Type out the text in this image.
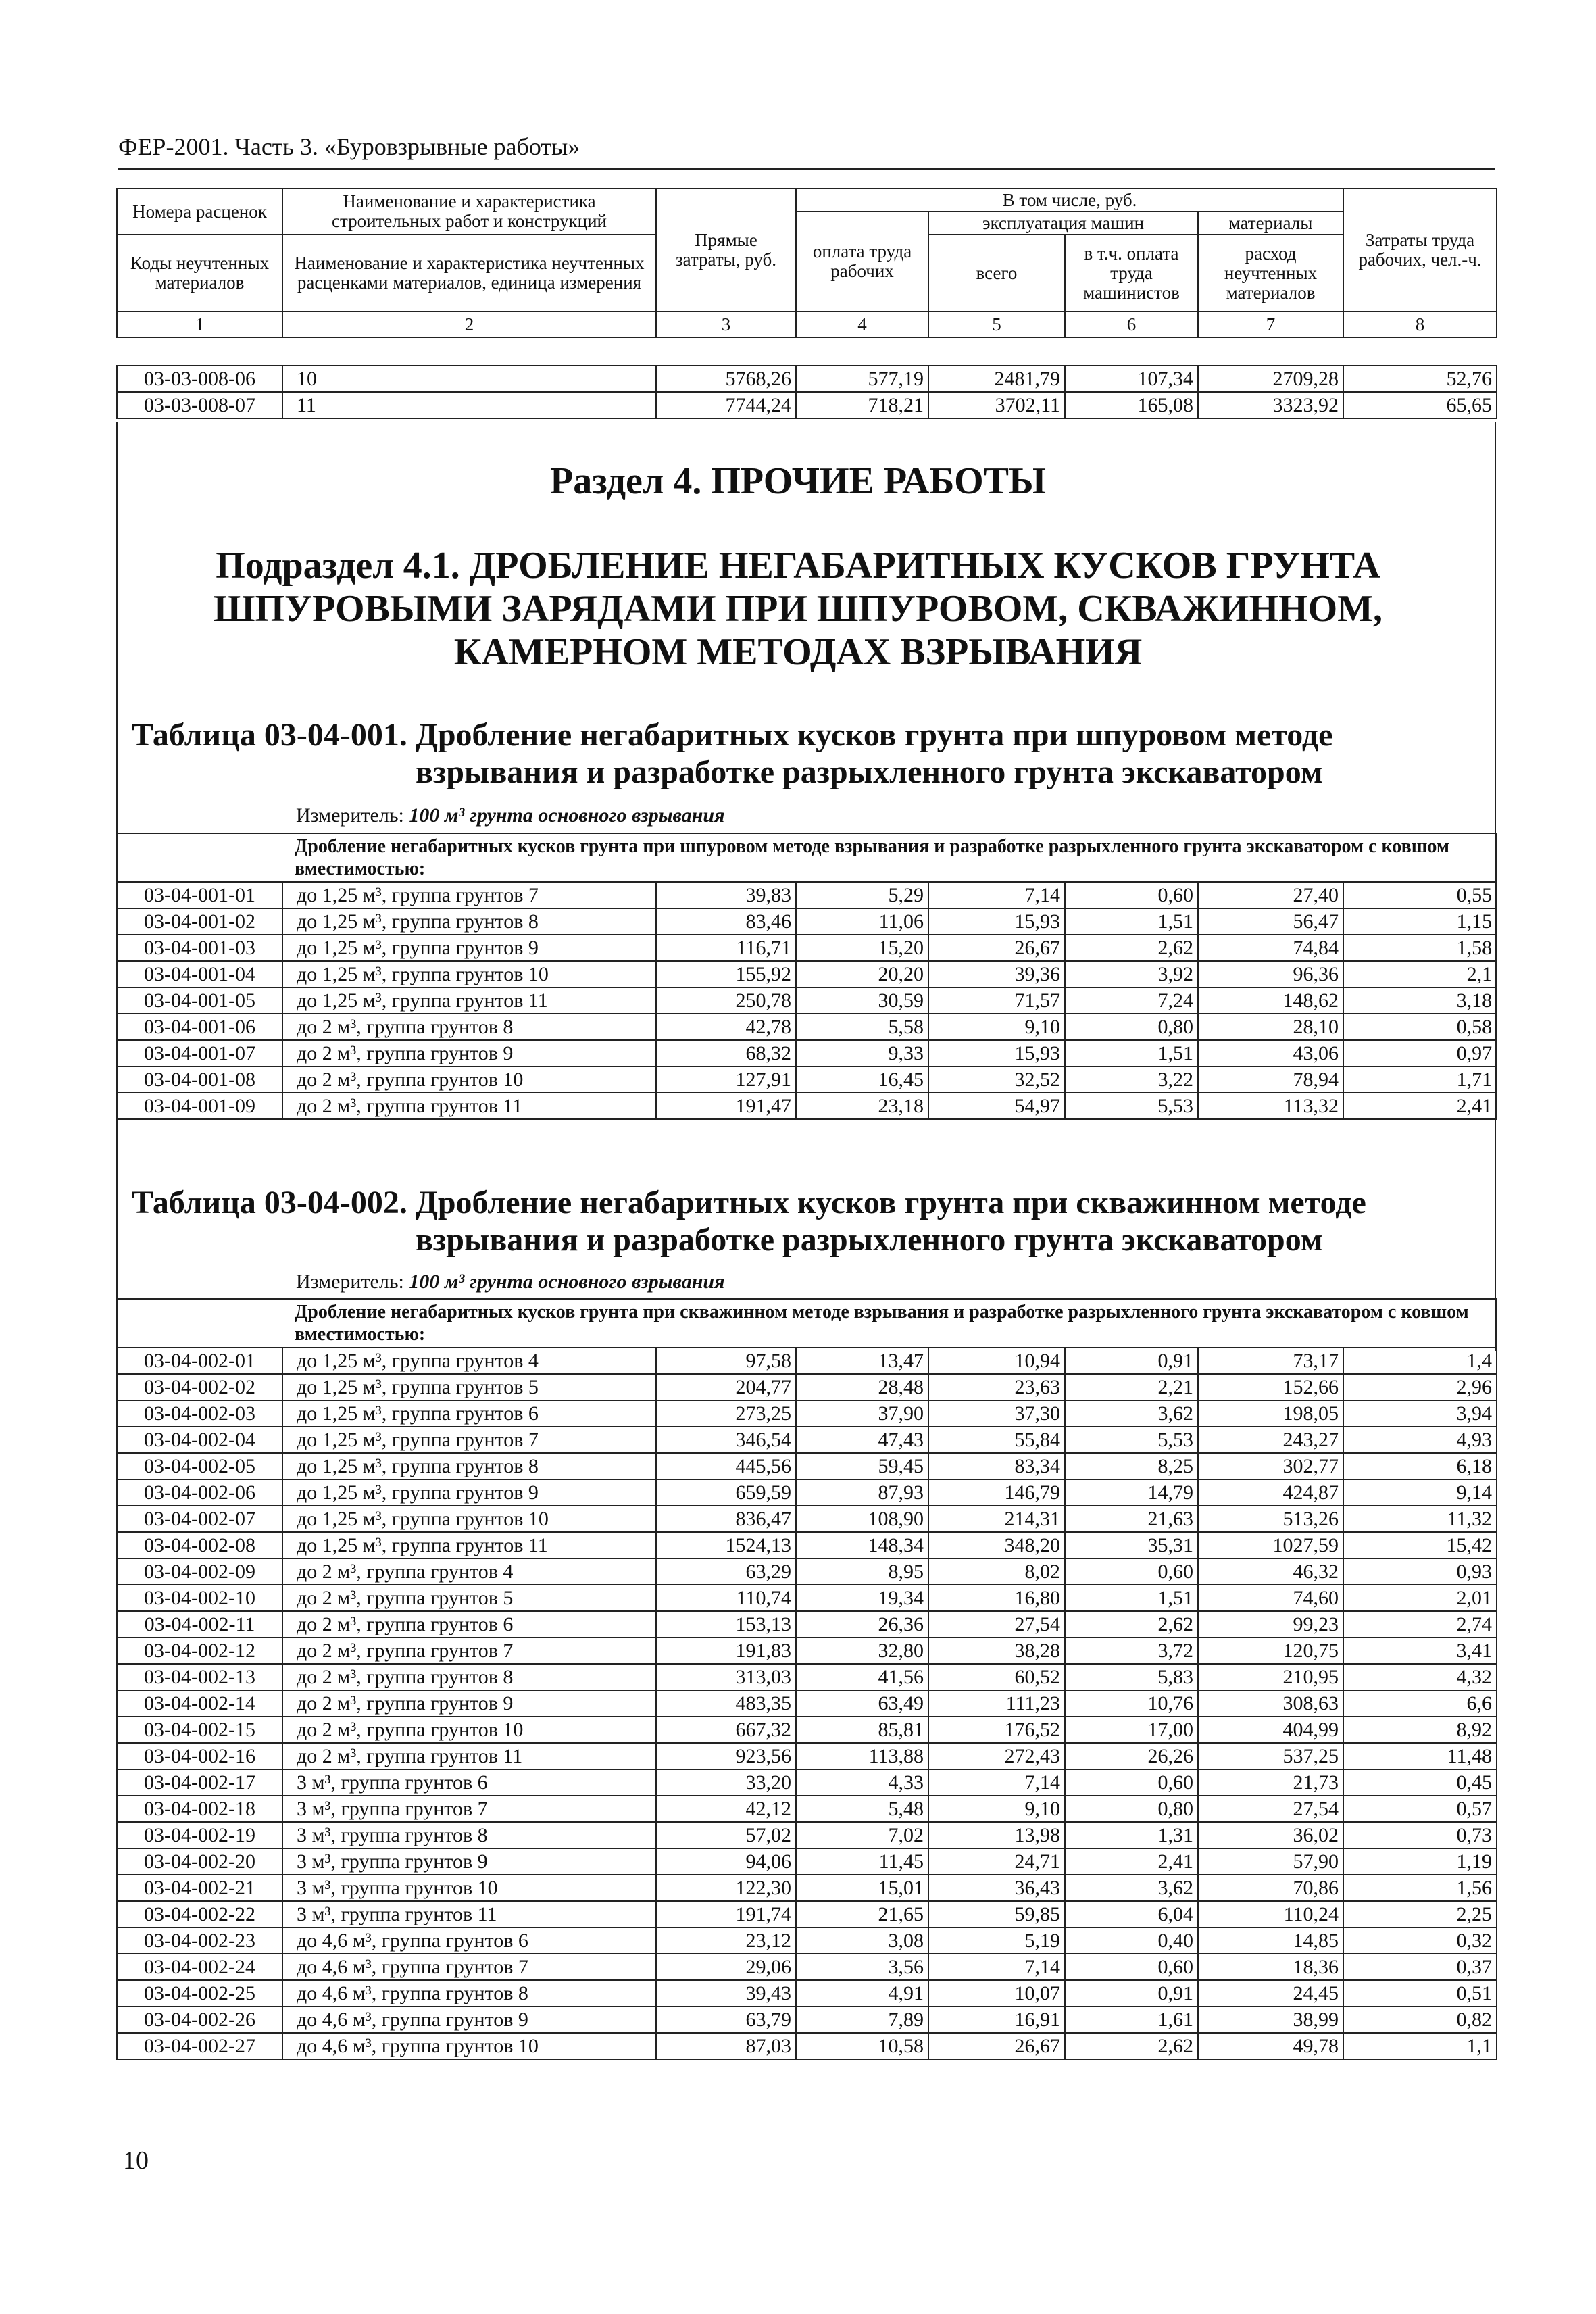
ФЕР-2001. Часть 3. «Буровзрывные работы»
Номера расценок	Наименование и характеристика строительных работ и конструкций	Прямые затраты, руб.	В том числе, руб.				Затраты труда рабочих, чел.-ч.
			оплата труда рабочих	эксплуатация машин		материалы	
Коды неучтенных материалов	Наименование и характеристика неучтенных расценками материалов, единица измерения			всего	в т.ч. оплата труда машинистов	расход неучтенных материалов	

1	2	3	4	5	6	7	8
03-03-008-06	10	5768,26	577,19	2481,79	107,34	2709,28	52,76
03-03-008-07	11	7744,24	718,21	3702,11	165,08	3323,92	65,65
Раздел 4. ПРОЧИЕ РАБОТЫ
Подраздел 4.1. ДРОБЛЕНИЕ НЕГАБАРИТНЫХ КУСКОВ ГРУНТА
ШПУРОВЫМИ ЗАРЯДАМИ ПРИ ШПУРОВОМ, СКВАЖИННОМ,
КАМЕРНОМ МЕТОДАХ ВЗРЫВАНИЯ
Таблица 03-04-001. Дробление негабаритных кусков грунта при шпуровом методе
взрывания и разработке разрыхленного грунта экскаватором
Измеритель: 100 м³ грунта основного взрывания
Дробление негабаритных кусков грунта при шпуровом методе взрывания и разработке разрыхленного грунта экскаватором с ковшом вместимостью:							
03-04-001-01	до 1,25 м³, группа грунтов 7	39,83	5,29	7,14	0,60	27,40	0,55
03-04-001-02	до 1,25 м³, группа грунтов 8	83,46	11,06	15,93	1,51	56,47	1,15
03-04-001-03	до 1,25 м³, группа грунтов 9	116,71	15,20	26,67	2,62	74,84	1,58
03-04-001-04	до 1,25 м³, группа грунтов 10	155,92	20,20	39,36	3,92	96,36	2,1
03-04-001-05	до 1,25 м³, группа грунтов 11	250,78	30,59	71,57	7,24	148,62	3,18
03-04-001-06	до 2 м³, группа грунтов 8	42,78	5,58	9,10	0,80	28,10	0,58
03-04-001-07	до 2 м³, группа грунтов 9	68,32	9,33	15,93	1,51	43,06	0,97
03-04-001-08	до 2 м³, группа грунтов 10	127,91	16,45	32,52	3,22	78,94	1,71
03-04-001-09	до 2 м³, группа грунтов 11	191,47	23,18	54,97	5,53	113,32	2,41
Таблица 03-04-002. Дробление негабаритных кусков грунта при скважинном методе
взрывания и разработке разрыхленного грунта экскаватором
Измеритель: 100 м³ грунта основного взрывания
Дробление негабаритных кусков грунта при скважинном методе взрывания и разработке разрыхленного грунта экскаватором с ковшом вместимостью:							
03-04-002-01	до 1,25 м³, группа грунтов 4	97,58	13,47	10,94	0,91	73,17	1,4
03-04-002-02	до 1,25 м³, группа грунтов 5	204,77	28,48	23,63	2,21	152,66	2,96
03-04-002-03	до 1,25 м³, группа грунтов 6	273,25	37,90	37,30	3,62	198,05	3,94
03-04-002-04	до 1,25 м³, группа грунтов 7	346,54	47,43	55,84	5,53	243,27	4,93
03-04-002-05	до 1,25 м³, группа грунтов 8	445,56	59,45	83,34	8,25	302,77	6,18
03-04-002-06	до 1,25 м³, группа грунтов 9	659,59	87,93	146,79	14,79	424,87	9,14
03-04-002-07	до 1,25 м³, группа грунтов 10	836,47	108,90	214,31	21,63	513,26	11,32
03-04-002-08	до 1,25 м³, группа грунтов 11	1524,13	148,34	348,20	35,31	1027,59	15,42
03-04-002-09	до 2 м³, группа грунтов 4	63,29	8,95	8,02	0,60	46,32	0,93
03-04-002-10	до 2 м³, группа грунтов 5	110,74	19,34	16,80	1,51	74,60	2,01
03-04-002-11	до 2 м³, группа грунтов 6	153,13	26,36	27,54	2,62	99,23	2,74
03-04-002-12	до 2 м³, группа грунтов 7	191,83	32,80	38,28	3,72	120,75	3,41
03-04-002-13	до 2 м³, группа грунтов 8	313,03	41,56	60,52	5,83	210,95	4,32
03-04-002-14	до 2 м³, группа грунтов 9	483,35	63,49	111,23	10,76	308,63	6,6
03-04-002-15	до 2 м³, группа грунтов 10	667,32	85,81	176,52	17,00	404,99	8,92
03-04-002-16	до 2 м³, группа грунтов 11	923,56	113,88	272,43	26,26	537,25	11,48
03-04-002-17	3 м³, группа грунтов 6	33,20	4,33	7,14	0,60	21,73	0,45
03-04-002-18	3 м³, группа грунтов 7	42,12	5,48	9,10	0,80	27,54	0,57
03-04-002-19	3 м³, группа грунтов 8	57,02	7,02	13,98	1,31	36,02	0,73
03-04-002-20	3 м³, группа грунтов 9	94,06	11,45	24,71	2,41	57,90	1,19
03-04-002-21	3 м³, группа грунтов 10	122,30	15,01	36,43	3,62	70,86	1,56
03-04-002-22	3 м³, группа грунтов 11	191,74	21,65	59,85	6,04	110,24	2,25
03-04-002-23	до 4,6 м³, группа грунтов 6	23,12	3,08	5,19	0,40	14,85	0,32
03-04-002-24	до 4,6 м³, группа грунтов 7	29,06	3,56	7,14	0,60	18,36	0,37
03-04-002-25	до 4,6 м³, группа грунтов 8	39,43	4,91	10,07	0,91	24,45	0,51
03-04-002-26	до 4,6 м³, группа грунтов 9	63,79	7,89	16,91	1,61	38,99	0,82
03-04-002-27	до 4,6 м³, группа грунтов 10	87,03	10,58	26,67	2,62	49,78	1,1
10
